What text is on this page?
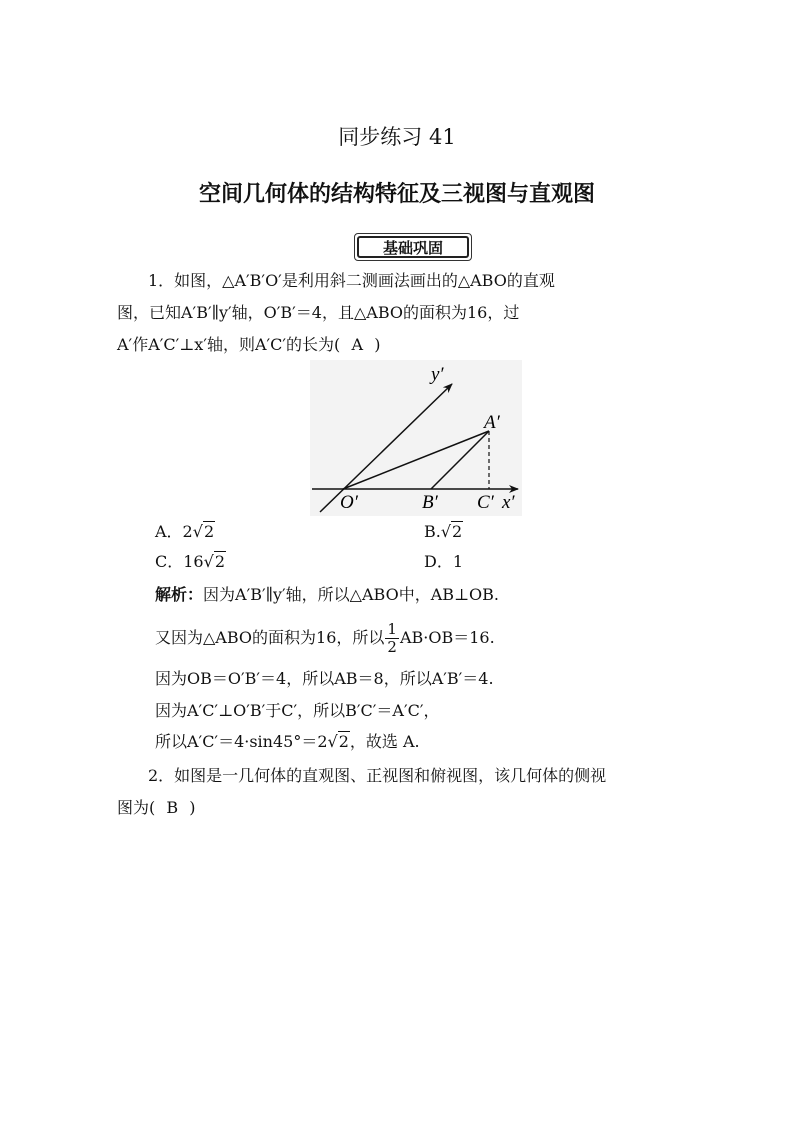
同步练习 41
空间几何体的结构特征及三视图与直观图
基础巩固
1．如图，△A′B′O′是利用斜二测画法画出的△ABO的直观
图，已知A′B′∥y′轴，O′B′＝4，且△ABO的面积为16，过
A′作A′C′⊥x′轴，则A′C′的长为( A )
y′
A′
O′	B′ C′ x′
A．2√2	B.√2
C．16√2	D．1
解析：因为A′B′∥y′轴，所以△ABO中，AB⊥OB.
又因为△ABO的面积为16，所以 $\frac{1}{2} AB\cdot OB=16$.
因为OB＝O′B′＝4，所以AB＝8，所以A′B′＝4.
因为A′C′⊥O′B′于C′，所以B′C′＝A′C′，
所以A′C′＝4·sin45°＝2√2，故选 A.
2．如图是一几何体的直观图、正视图和俯视图，该几何体的侧视
图为( B )
